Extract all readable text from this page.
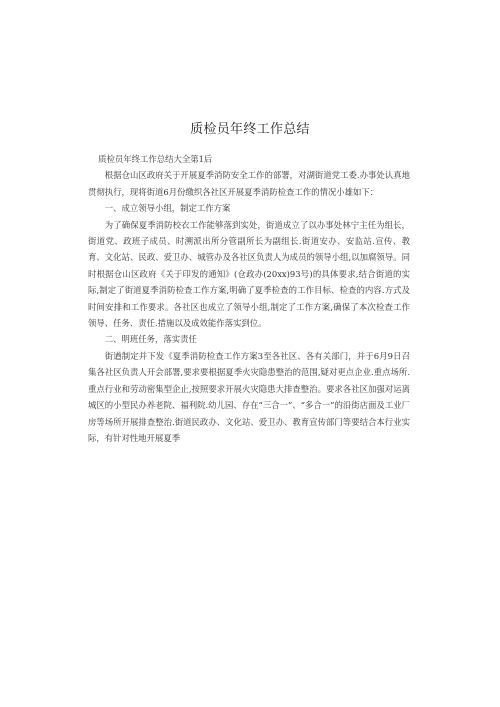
质检员年终工作总结

质检员年终工作总结大全第1后

根据仓山区政府关于开展夏季消防安全工作的部署，对湖街道党工委.办事处认真地贯彻执行，现将街道6月份缴织各社区开展夏季消防检查工作的情况小雄如下：

一、成立领导小组，制定工作方案

为了确保夏季消防校衣工作能够落到实处，街道成立了以办事处林宁主任为组长，街道党、政班子成员、时溯派出所分管副所长为副组长.街道安办、安监站.宣传、教育、文化站、民政、爱卫办、城管办及各社区负责人为成员的领导小组,以加腐领导。同时根据仓山区政府《关于印发的通知》(仓政办(20xx)93号)的具体要求,结合街道的实际,制定了街道夏季消防检查工作方案,明确了夏季检查的工作目标、检查的内容.方式及时间安排和工作要求。各社区也成立了领导小组,制定了工作方案,确保了本次检查工作领导、任务、责任.措施以及成效能作落实到位。

二、明班任务，落实责任

街遒制定并下发《夏季消防检查工作方案3至各社区、各有关部门，并于6月9日召集各社区负责人开会部署,要求要根据夏季火灾隐患整治的范围,疑对更点企业.重点场所.重点行业和劳动密集型企止,按照要求开展火灾隐患大排查整治。要求各社区加强对运离城区的小型民办养老院、福利院.幼儿园、存在“三合一”、“多合一”的沿街店面及工业厂房等场所开展排查整治.街道民政办、文化站、爱卫办、教育宣传部门等要结合本行业实际，有针对性地开展夏季
